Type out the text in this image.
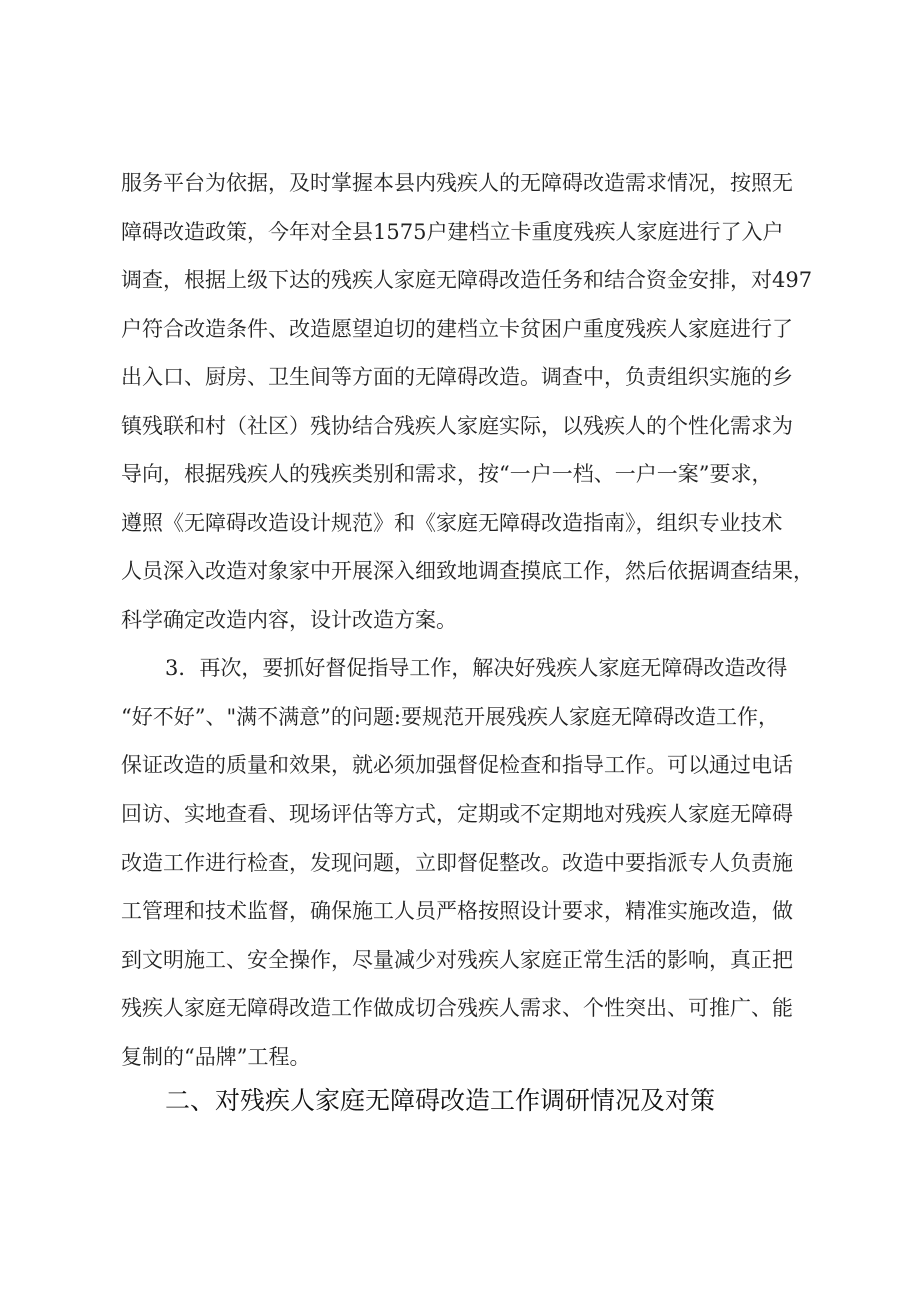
服务平台为依据，及时掌握本县内残疾人的无障碍改造需求情况，按照无
障碍改造政策，今年对全县1575户建档立卡重度残疾人家庭进行了入户
调查，根据上级下达的残疾人家庭无障碍改造任务和结合资金安排，对497
户符合改造条件、改造愿望迫切的建档立卡贫困户重度残疾人家庭进行了
出入口、厨房、卫生间等方面的无障碍改造。调查中，负责组织实施的乡
镇残联和村（社区）残协结合残疾人家庭实际，以残疾人的个性化需求为
导向，根据残疾人的残疾类别和需求，按“一户一档、一户一案”要求，
遵照《无障碍改造设计规范》和《家庭无障碍改造指南》，组织专业技术
人员深入改造对象家中开展深入细致地调查摸底工作，然后依据调查结果，
科学确定改造内容，设计改造方案。
3．再次，要抓好督促指导工作，解决好残疾人家庭无障碍改造改得
“好不好”、"满不满意”的问题:要规范开展残疾人家庭无障碍改造工作，
保证改造的质量和效果，就必须加强督促检查和指导工作。可以通过电话
回访、实地查看、现场评估等方式，定期或不定期地对残疾人家庭无障碍
改造工作进行检查，发现问题，立即督促整改。改造中要指派专人负责施
工管理和技术监督，确保施工人员严格按照设计要求，精准实施改造，做
到文明施工、安全操作，尽量减少对残疾人家庭正常生活的影响，真正把
残疾人家庭无障碍改造工作做成切合残疾人需求、个性突出、可推广、能
复制的“品牌”工程。
二、对残疾人家庭无障碍改造工作调研情况及对策
